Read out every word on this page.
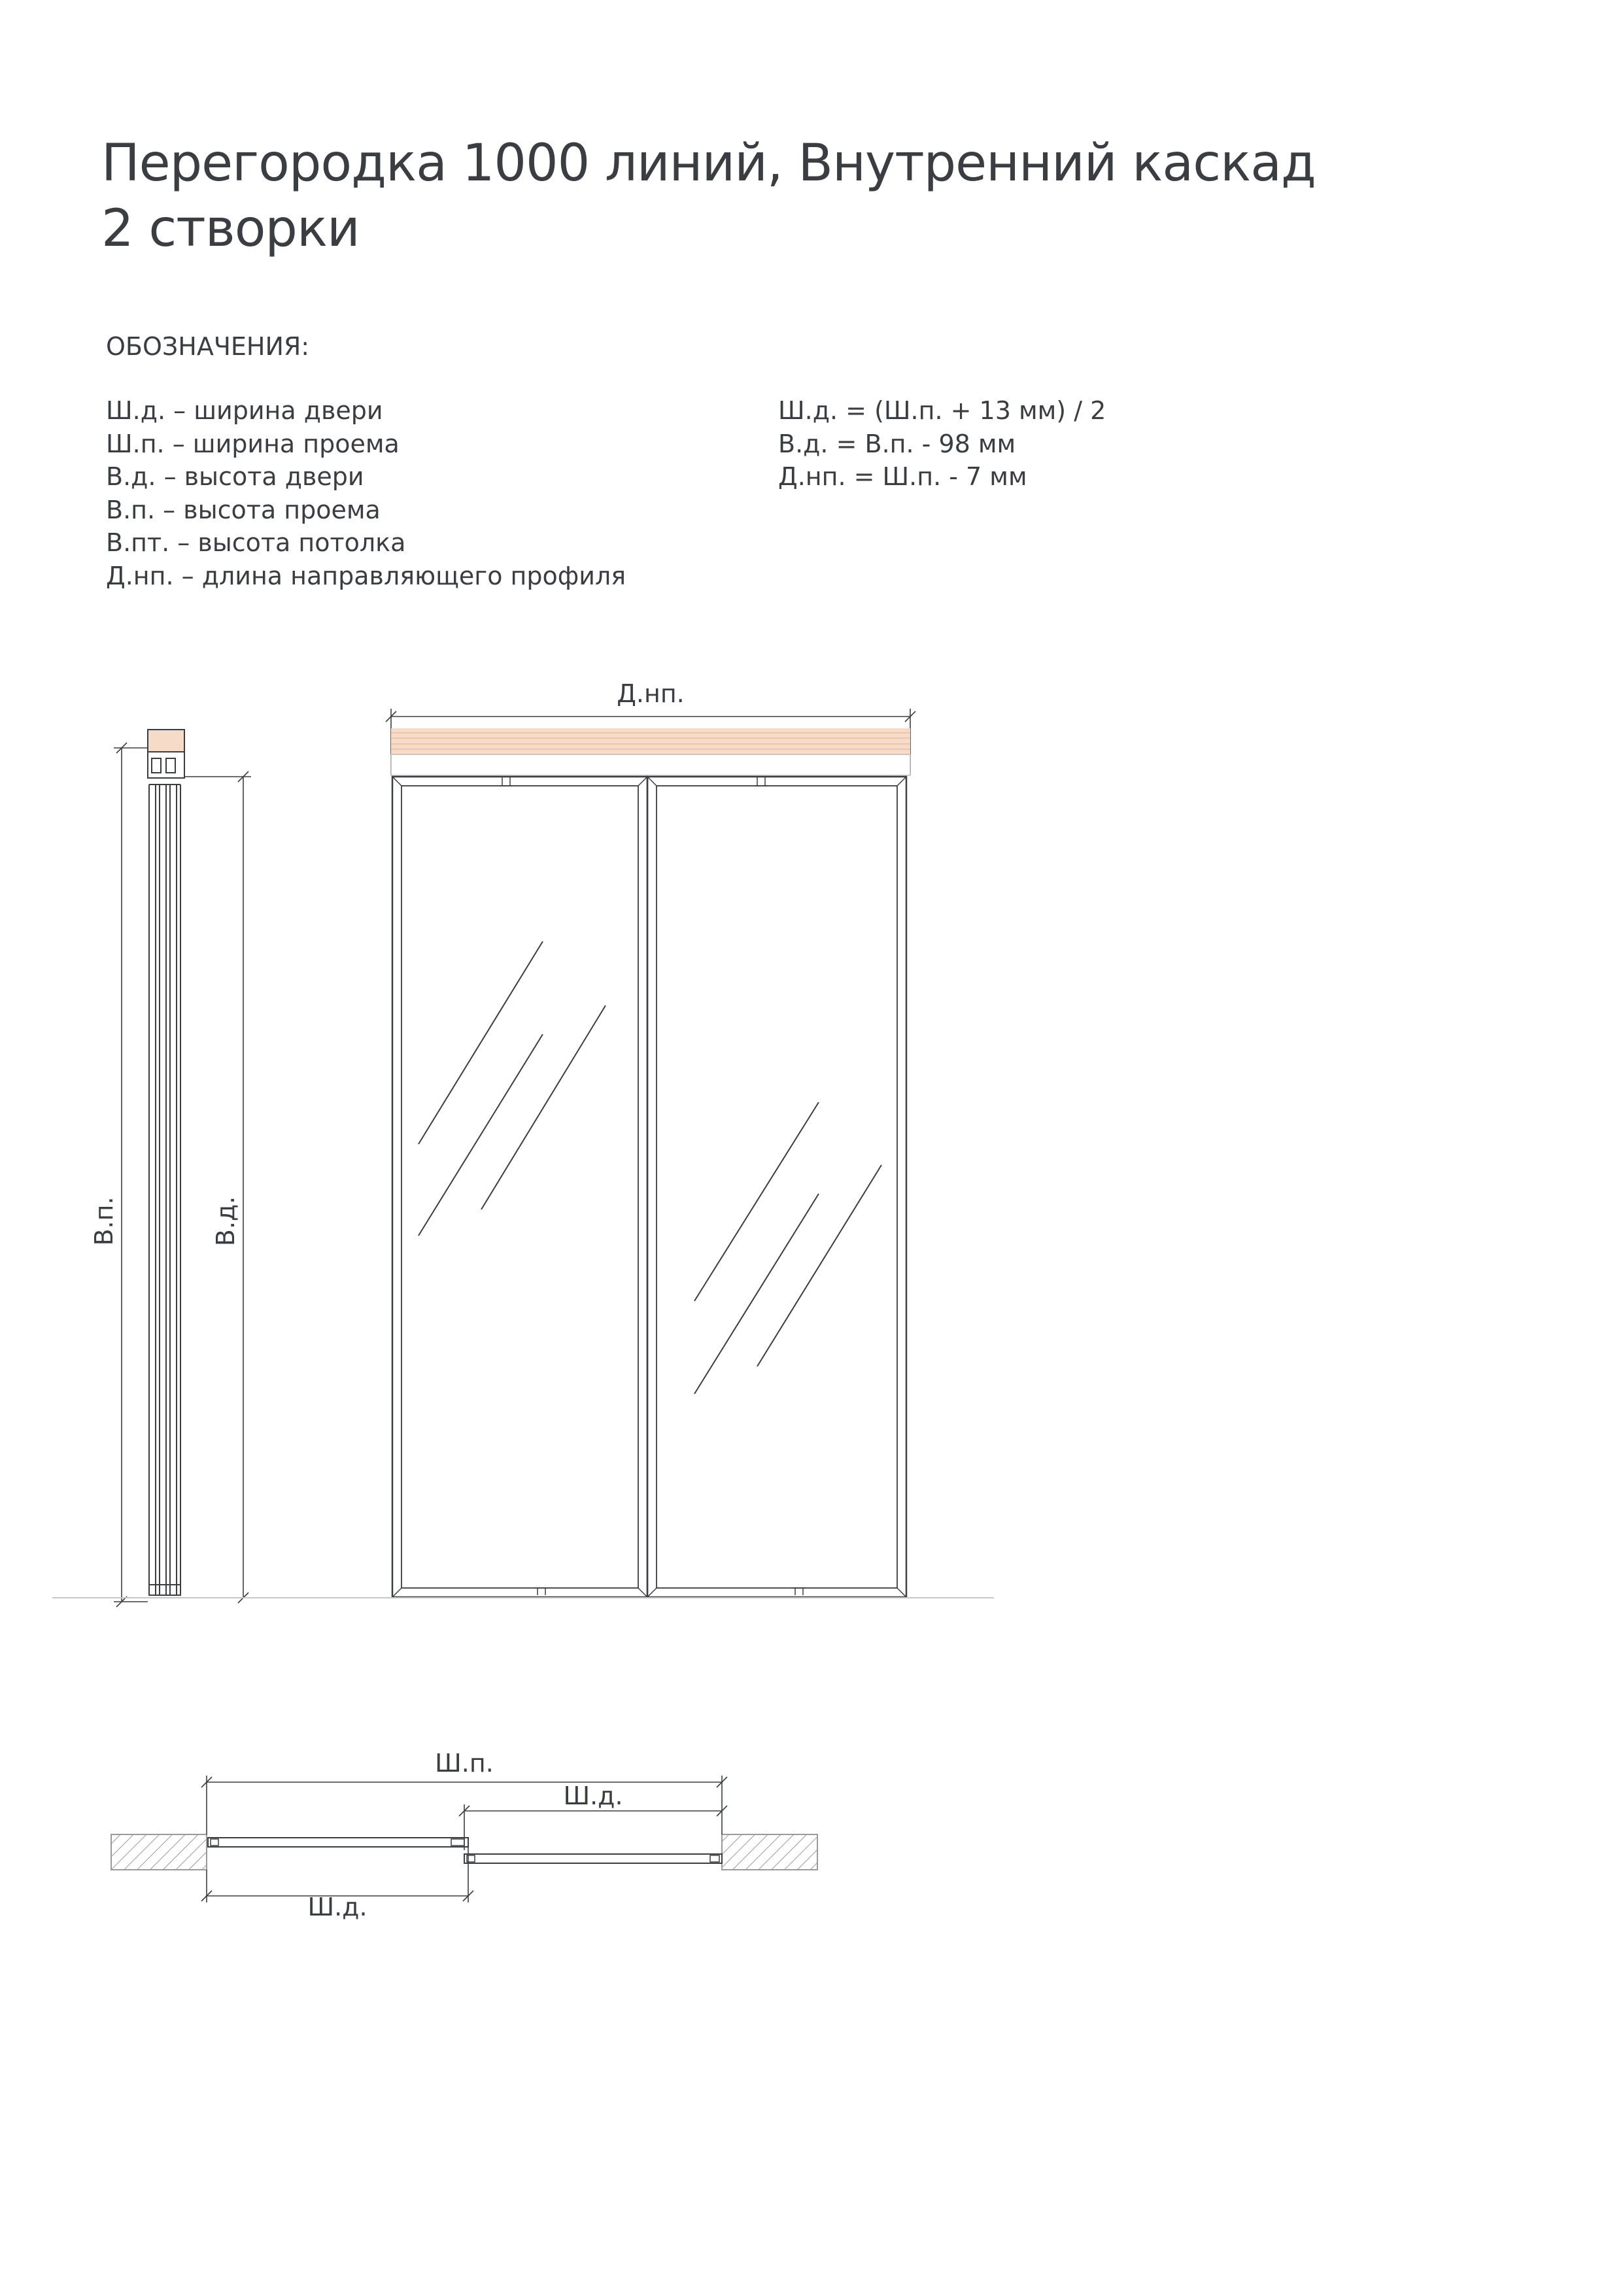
Перегородка 1000 линий, Внутренний каскад
2 створки
ОБОЗНАЧЕНИЯ:
Ш.д. – ширина двери
Ш.п. – ширина проема
В.д. – высота двери
В.п. – высота проема
В.пт. – высота потолка
Д.нп. – длина направляющего профиля
Ш.д. = (Ш.п. + 13 мм) / 2
В.д. = В.п. - 98 мм
Д.нп. = Ш.п. - 7 мм
В.п.	В.д.
Д.нп.
Ш.п.
Ш.д.
Ш.д.
